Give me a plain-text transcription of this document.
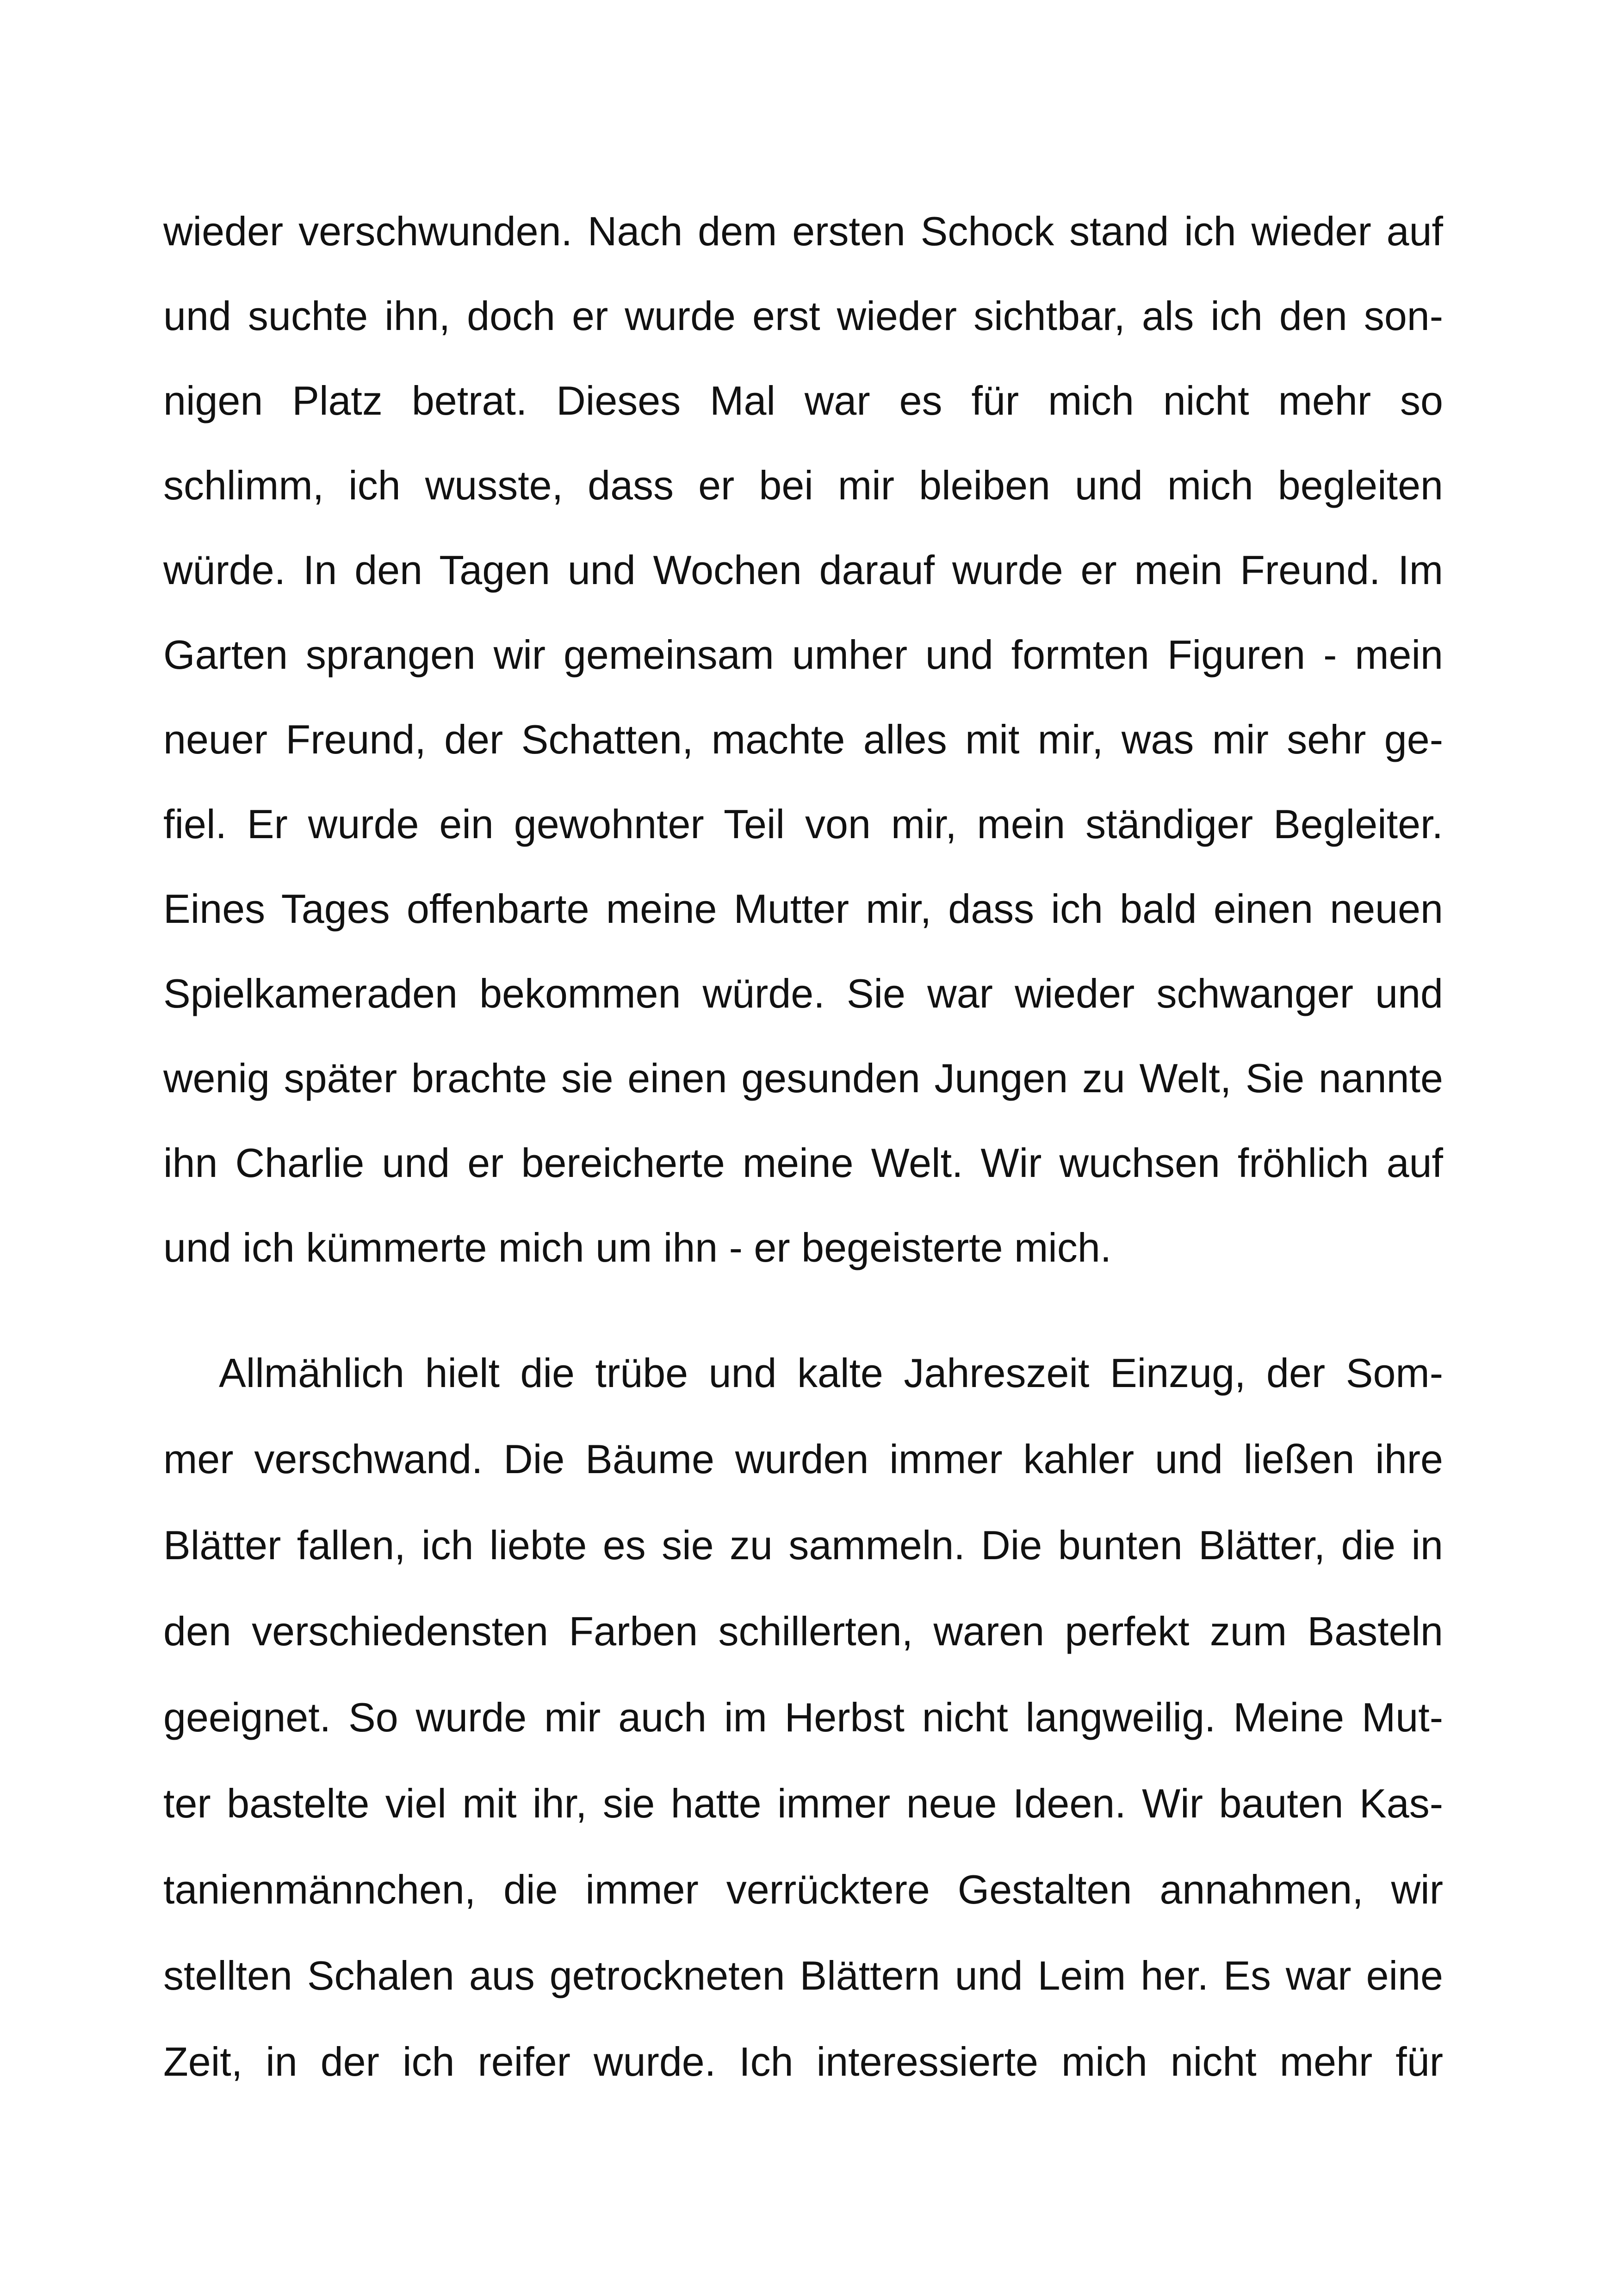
wieder verschwunden. Nach dem ersten Schock stand ich wieder auf
und suchte ihn, doch er wurde erst wieder sichtbar, als ich den son-
nigen Platz betrat. Dieses Mal war es für mich nicht mehr so
schlimm, ich wusste, dass er bei mir bleiben und mich begleiten
würde. In den Tagen und Wochen darauf wurde er mein Freund. Im
Garten sprangen wir gemeinsam umher und formten Figuren - mein
neuer Freund, der Schatten, machte alles mit mir, was mir sehr ge-
fiel. Er wurde ein gewohnter Teil von mir, mein ständiger Begleiter.
Eines Tages offenbarte meine Mutter mir, dass ich bald einen neuen
Spielkameraden bekommen würde. Sie war wieder schwanger und
wenig später brachte sie einen gesunden Jungen zu Welt, Sie nannte
ihn Charlie und er bereicherte meine Welt. Wir wuchsen fröhlich auf
und ich kümmerte mich um ihn - er begeisterte mich.
Allmählich hielt die trübe und kalte Jahreszeit Einzug, der Som-
mer verschwand. Die Bäume wurden immer kahler und ließen ihre
Blätter fallen, ich liebte es sie zu sammeln. Die bunten Blätter, die in
den verschiedensten Farben schillerten, waren perfekt zum Basteln
geeignet. So wurde mir auch im Herbst nicht langweilig. Meine Mut-
ter bastelte viel mit ihr, sie hatte immer neue Ideen. Wir bauten Kas-
tanienmännchen, die immer verrücktere Gestalten annahmen, wir
stellten Schalen aus getrockneten Blättern und Leim her. Es war eine
Zeit, in der ich reifer wurde. Ich interessierte mich nicht mehr für
